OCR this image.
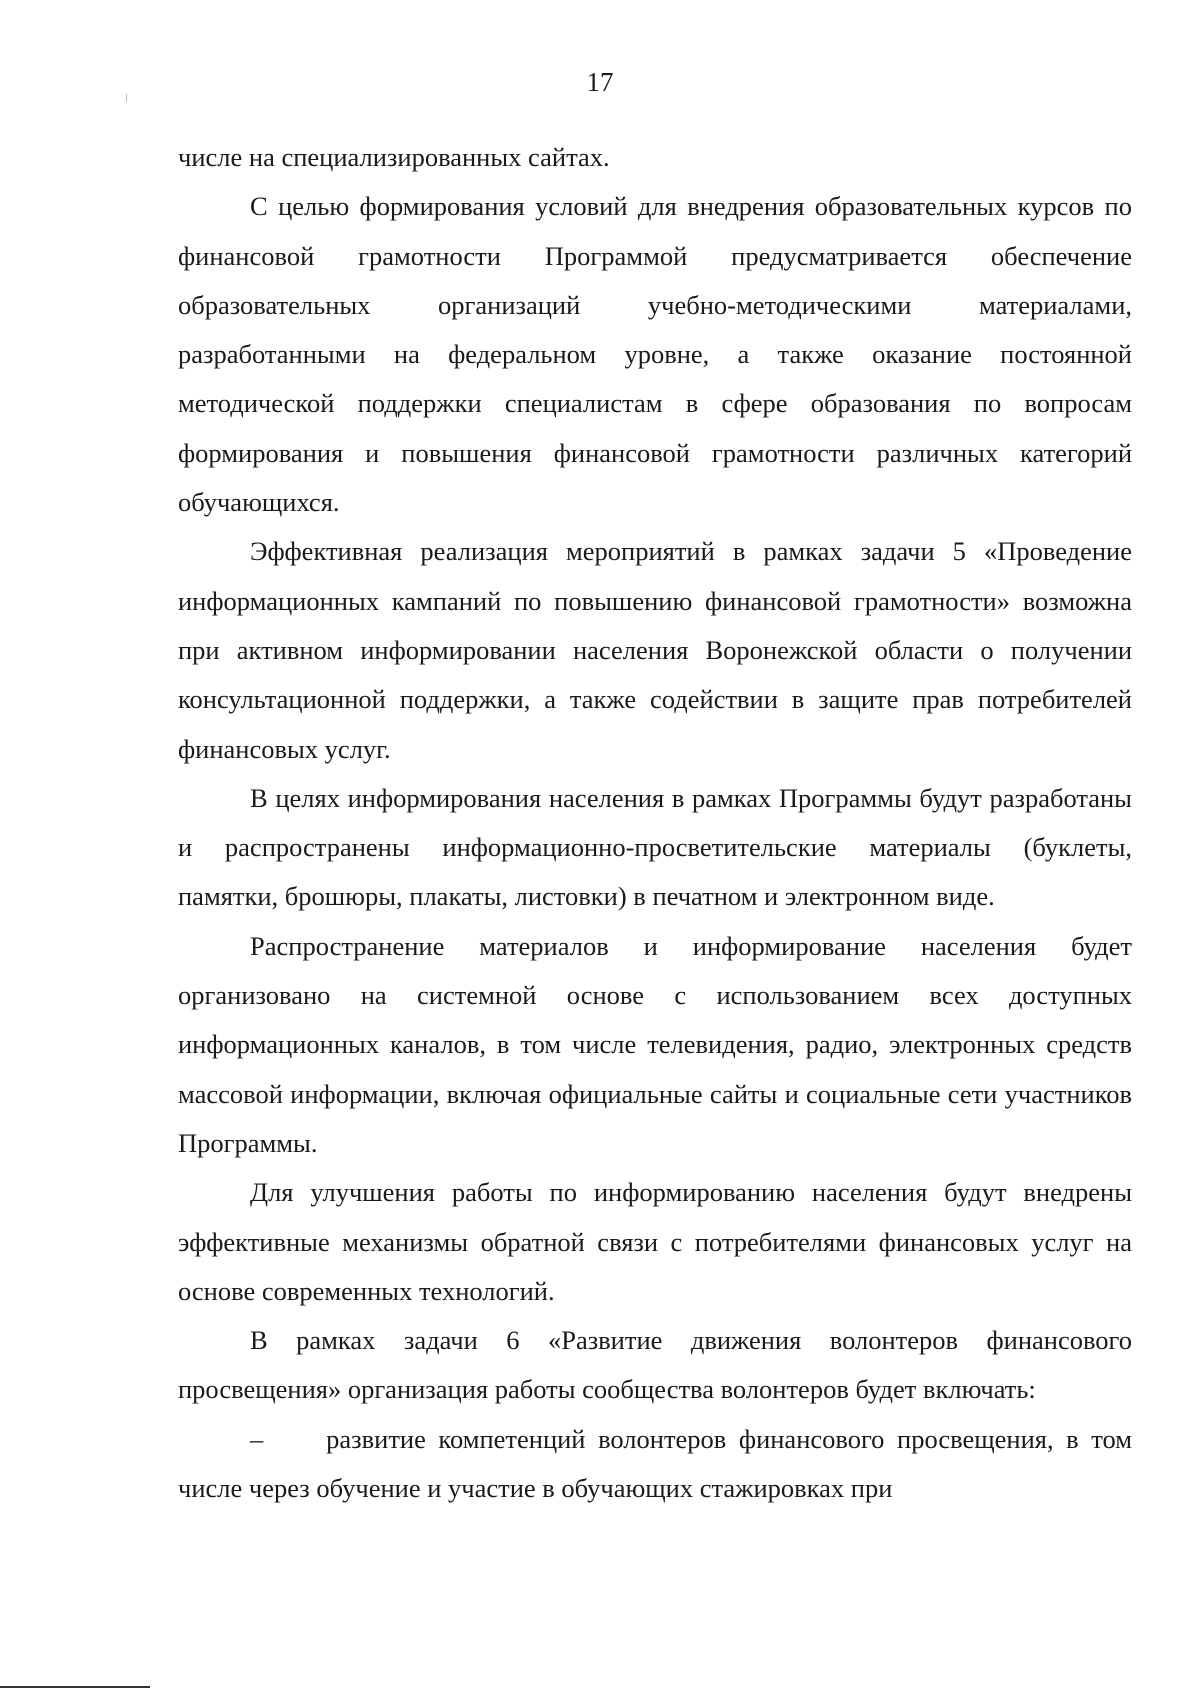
17

числе на специализированных сайтах.

С целью формирования условий для внедрения образовательных курсов по финансовой грамотности Программой предусматривается обеспечение образовательных организаций учебно-методическими материалами, разработанными на федеральном уровне, а также оказание постоянной методической поддержки специалистам в сфере образования по вопросам формирования и повышения финансовой грамотности различных категорий обучающихся.

Эффективная реализация мероприятий в рамках задачи 5 «Проведение информационных кампаний по повышению финансовой грамотности» возможна при активном информировании населения Воронежской области о получении консультационной поддержки, а также содействии в защите прав потребителей финансовых услуг.

В целях информирования населения в рамках Программы будут разработаны и распространены информационно-просветительские материалы (буклеты, памятки, брошюры, плакаты, листовки) в печатном и электронном виде.

Распространение материалов и информирование населения будет организовано на системной основе с использованием всех доступных информационных каналов, в том числе телевидения, радио, электронных средств массовой информации, включая официальные сайты и социальные сети участников Программы.

Для улучшения работы по информированию населения будут внедрены эффективные механизмы обратной связи с потребителями финансовых услуг на основе современных технологий.

В рамках задачи 6 «Развитие движения волонтеров финансового просвещения» организация работы сообщества волонтеров будет включать:

– развитие компетенций волонтеров финансового просвещения, в том числе через обучение и участие в обучающих стажировках при
